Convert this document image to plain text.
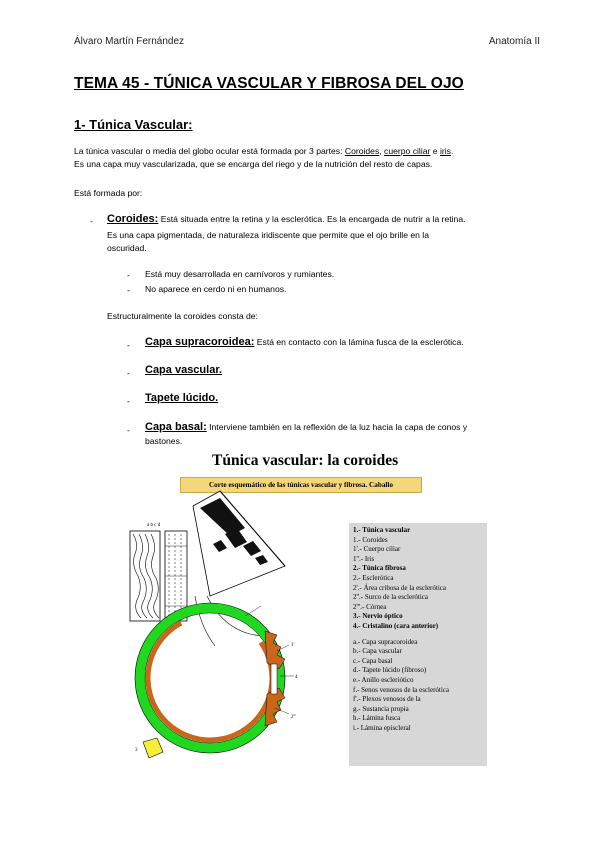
Álvaro Martín Fernández	Anatomía II
TEMA 45 - TÚNICA VASCULAR Y FIBROSA DEL OJO
1- Túnica Vascular:
La túnica vascular o media del globo ocular está formada por 3 partes: Coroides, cuerpo ciliar e iris.
Es una capa muy vascularizada, que se encarga del riego y de la nutrición del resto de capas.
Está formada por:
- Coroides: Está situada entre la retina y la esclerótica. Es la encargada de nutrir a la retina.
Es una capa pigmentada, de naturaleza iridiscente que permite que el ojo brille en la
oscuridad.
- Está muy desarrollada en carnívoros y rumiantes.
- No aparece en cerdo ni en humanos.
Estructuralmente la coroides consta de:
- Capa supracoroidea: Está en contacto con la lámina fusca de la esclerótica.
- Capa vascular.
- Tapete lúcido.
- Capa basal: Interviene también en la reflexión de la luz hacia la capa de conos y
bastones.
Túnica vascular: la coroides
Corte esquemático de las túnicas vascular y fibrosa. Caballo
a b c d
3
1'
4
2'''
1.- Túnica vascular
1.- Coroides
1'.- Cuerpo ciliar
1''.- Iris
2.- Túnica fibrosa
2.- Esclerótica
2'.- Área cribosa de la esclerótica
2''.- Surco de la esclerótica
2'''.- Córnea
3.- Nervio óptico
4.- Cristalino (cara anterior)
a.- Capa supracoroidea
b.- Capa vascular
c.- Capa basal
d.- Tapete lúcido (fibroso)
e.- Anillo escleriótico
f.- Senos venosos de la esclerótica
f'.- Plexos venosos de la
g.- Sustancia propia
h.- Lámina fusca
i.- Lámina episcleral
